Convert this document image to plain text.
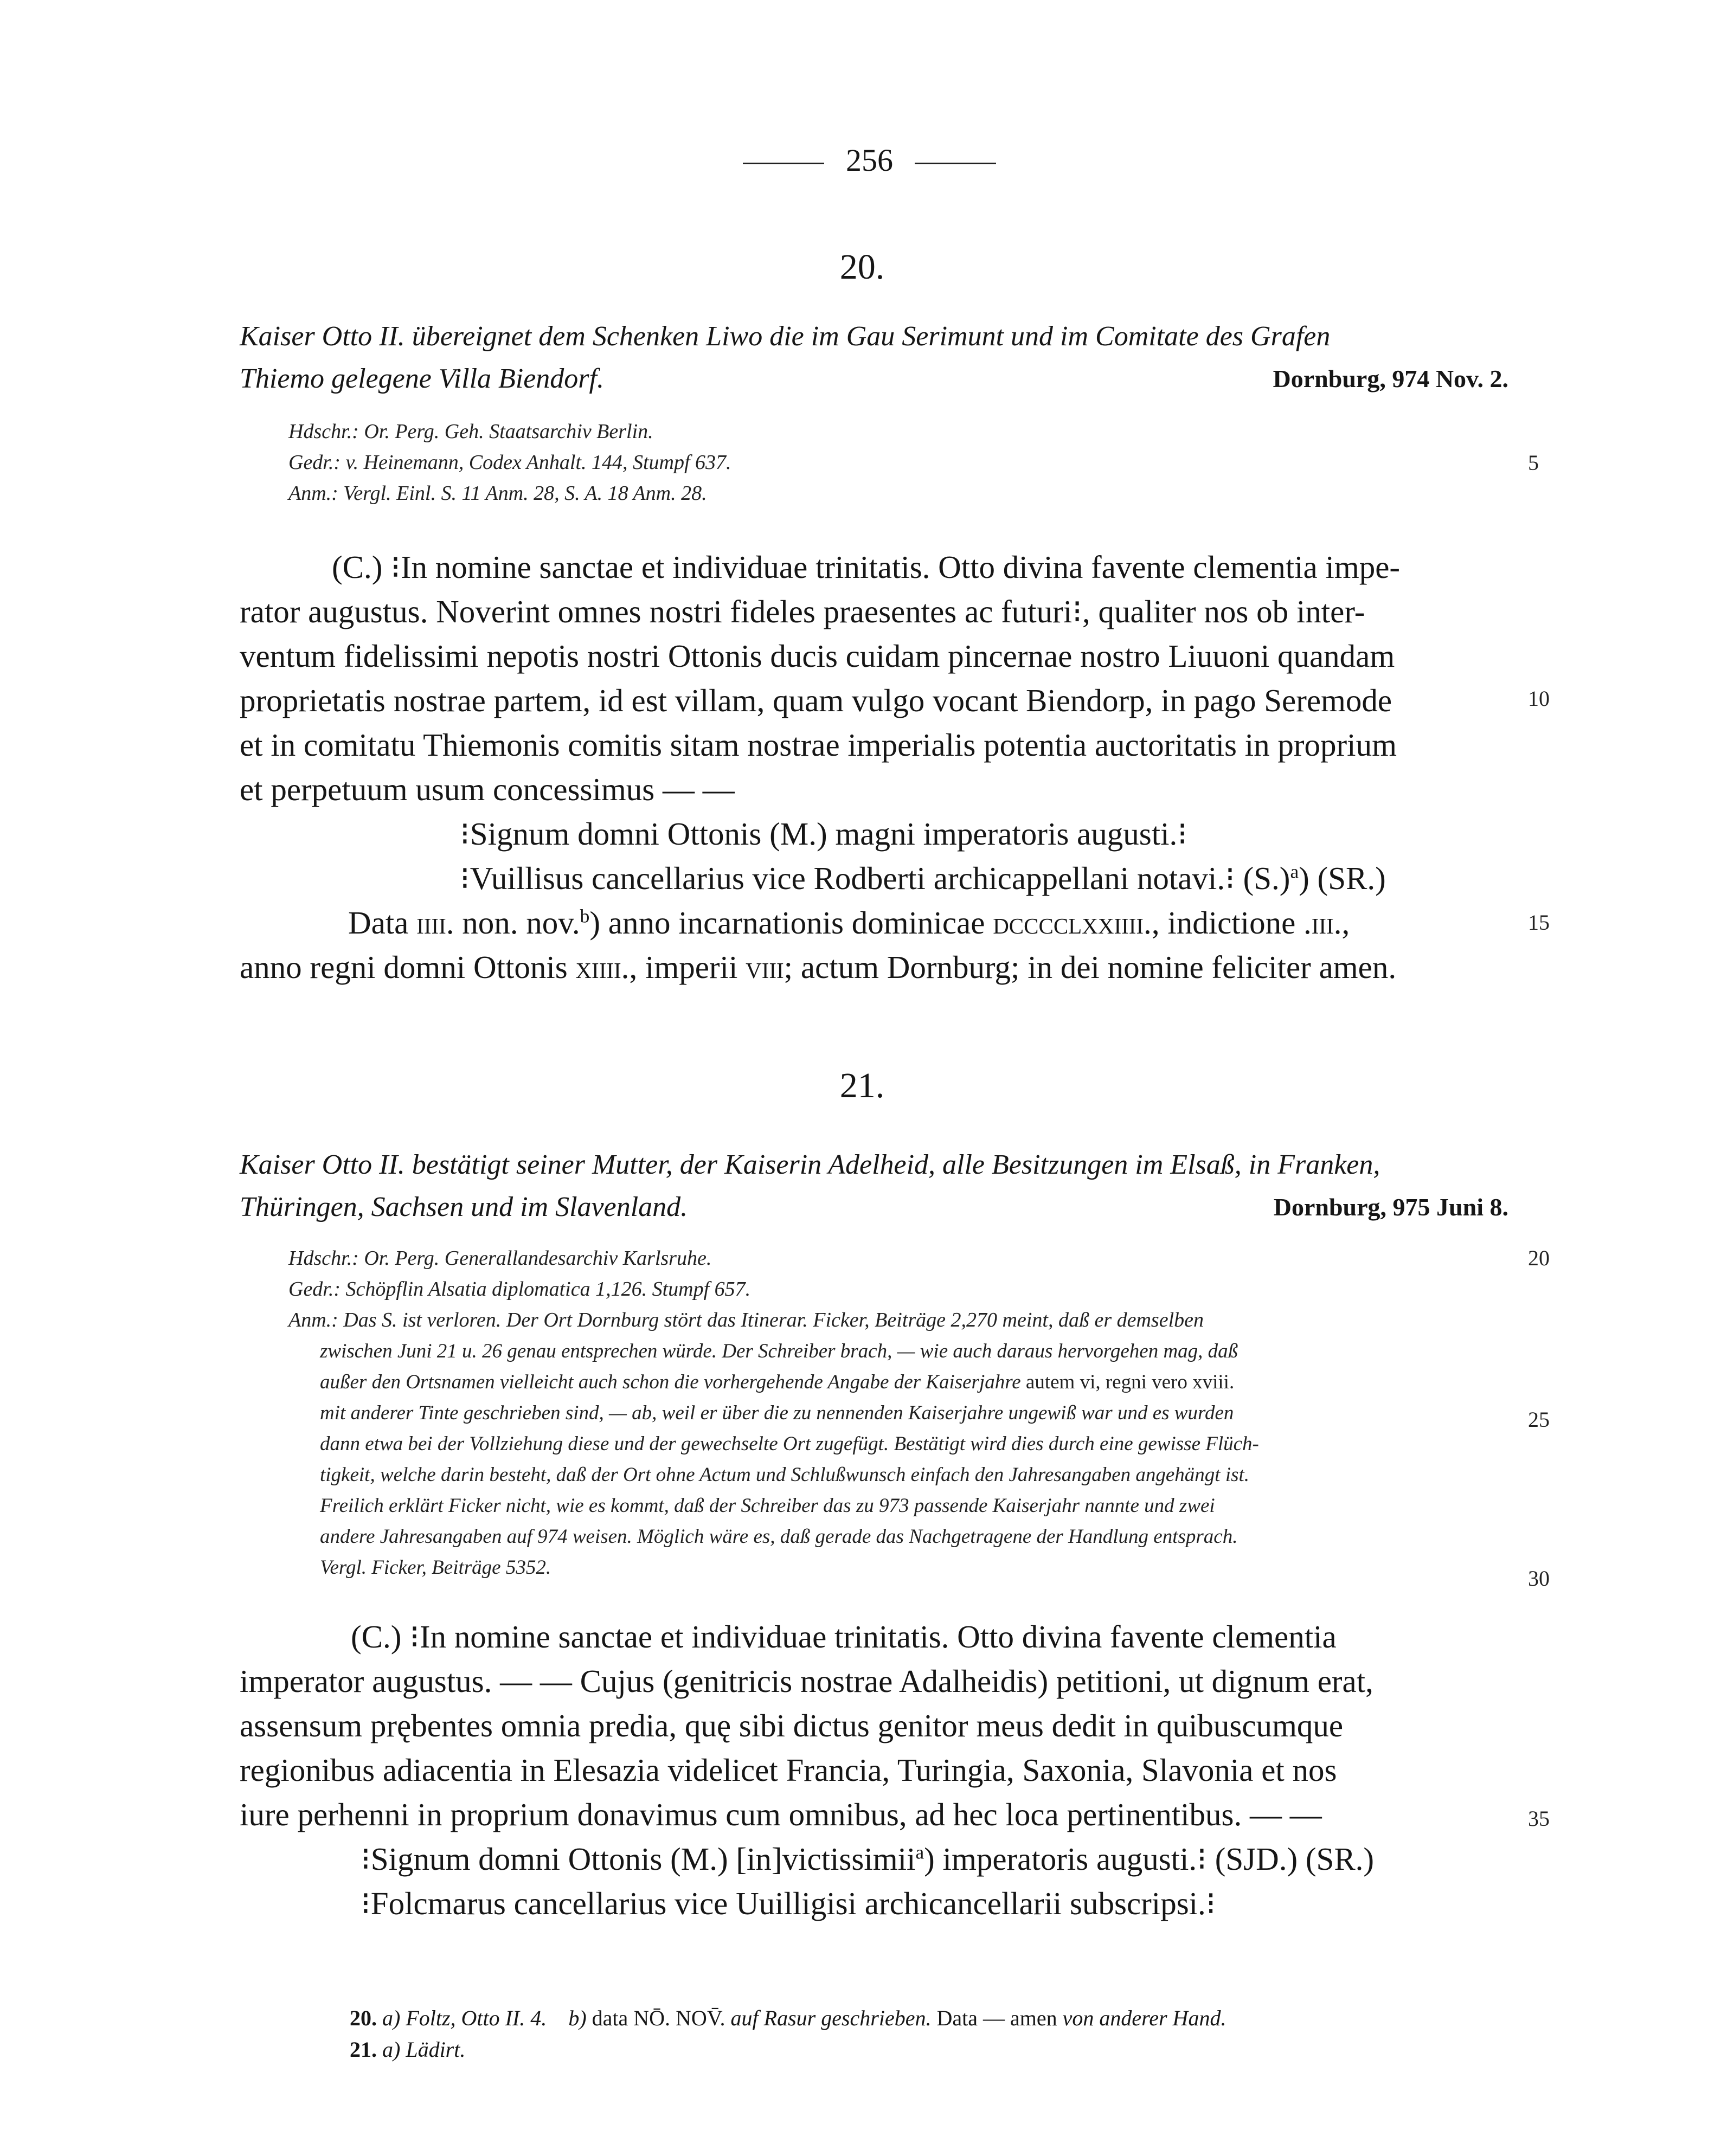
256
20.
Kaiser Otto II. übereignet dem Schenken Liwo die im Gau Serimunt und im Comitate des Grafen
Thiemo gelegene Villa Biendorf.	Dornburg, 974 Nov. 2.
Hdschr.: Or. Perg. Geh. Staatsarchiv Berlin.
Gedr.: v. Heinemann, Codex Anhalt. 144, Stumpf 637.
Anm.: Vergl. Einl. S. 11 Anm. 28, S. A. 18 Anm. 28.
(C.) ⁝In nomine sanctae et individuae trinitatis. Otto divina favente clementia impe-
rator augustus. Noverint omnes nostri fideles praesentes ac futuri⁝, qualiter nos ob inter-
ventum fidelissimi nepotis nostri Ottonis ducis cuidam pincernae nostro Liuuoni quandam
proprietatis nostrae partem, id est villam, quam vulgo vocant Biendorp, in pago Seremode
et in comitatu Thiemonis comitis sitam nostrae imperialis potentia auctoritatis in proprium
et perpetuum usum concessimus — —
⁝Signum domni Ottonis (M.) magni imperatoris augusti.⁝
⁝Vuillisus cancellarius vice Rodberti archicappellani notavi.⁝ $(S.)^a$) (SR.)
Data iiii. non. nov.$^b$) anno incarnationis dominicae dcccclxxiiii., indictione .iii.,
anno regni domni Ottonis xiiii., imperii viii; actum Dornburg; in dei nomine feliciter amen.
21.
Kaiser Otto II. bestätigt seiner Mutter, der Kaiserin Adelheid, alle Besitzungen im Elsaß, in Franken,
Thüringen, Sachsen und im Slavenland.	Dornburg, 975 Juni 8.
Hdschr.: Or. Perg. Generallandesarchiv Karlsruhe.
Gedr.: Schöpflin Alsatia diplomatica 1,126. Stumpf 657.
Anm.: Das S. ist verloren. Der Ort Dornburg stört das Itinerar. Ficker, Beiträge 2,270 meint, daß er demselben
zwischen Juni 21 u. 26 genau entsprechen würde. Der Schreiber brach, — wie auch daraus hervorgehen mag, daß
außer den Ortsnamen vielleicht auch schon die vorhergehende Angabe der Kaiserjahre autem vi, regni vero xviii.
mit anderer Tinte geschrieben sind, — ab, weil er über die zu nennenden Kaiserjahre ungewiß war und es wurden
dann etwa bei der Vollziehung diese und der gewechselte Ort zugefügt. Bestätigt wird dies durch eine gewisse Flüch-
tigkeit, welche darin besteht, daß der Ort ohne Actum und Schlußwunsch einfach den Jahresangaben angehängt ist.
Freilich erklärt Ficker nicht, wie es kommt, daß der Schreiber das zu 973 passende Kaiserjahr nannte und zwei
andere Jahresangaben auf 974 weisen. Möglich wäre es, daß gerade das Nachgetragene der Handlung entsprach.
Vergl. Ficker, Beiträge 5352.
(C.) ⁝In nomine sanctae et individuae trinitatis. Otto divina favente clementia
imperator augustus. — — Cujus (genitricis nostrae Adalheidis) petitioni, ut dignum erat,
assensum prębentes omnia predia, quę sibi dictus genitor meus dedit in quibuscumque
regionibus adiacentia in Elesazia videlicet Francia, Turingia, Saxonia, Slavonia et nos
iure perhenni in proprium donavimus cum omnibus, ad hec loca pertinentibus. — —
⁝Signum domni Ottonis (M.) [in]victissimii$^a$) imperatoris augusti.⁝ (SJD.) (SR.)
⁝Folcmarus cancellarius vice Uuilligisi archicancellarii subscripsi.⁝
5
10
15
20
25
30
35
20. a) Foltz, Otto II. 4. b) data NŌ. NOV̄. auf Rasur geschrieben. Data — amen von anderer Hand.
21. a) Lädirt.
